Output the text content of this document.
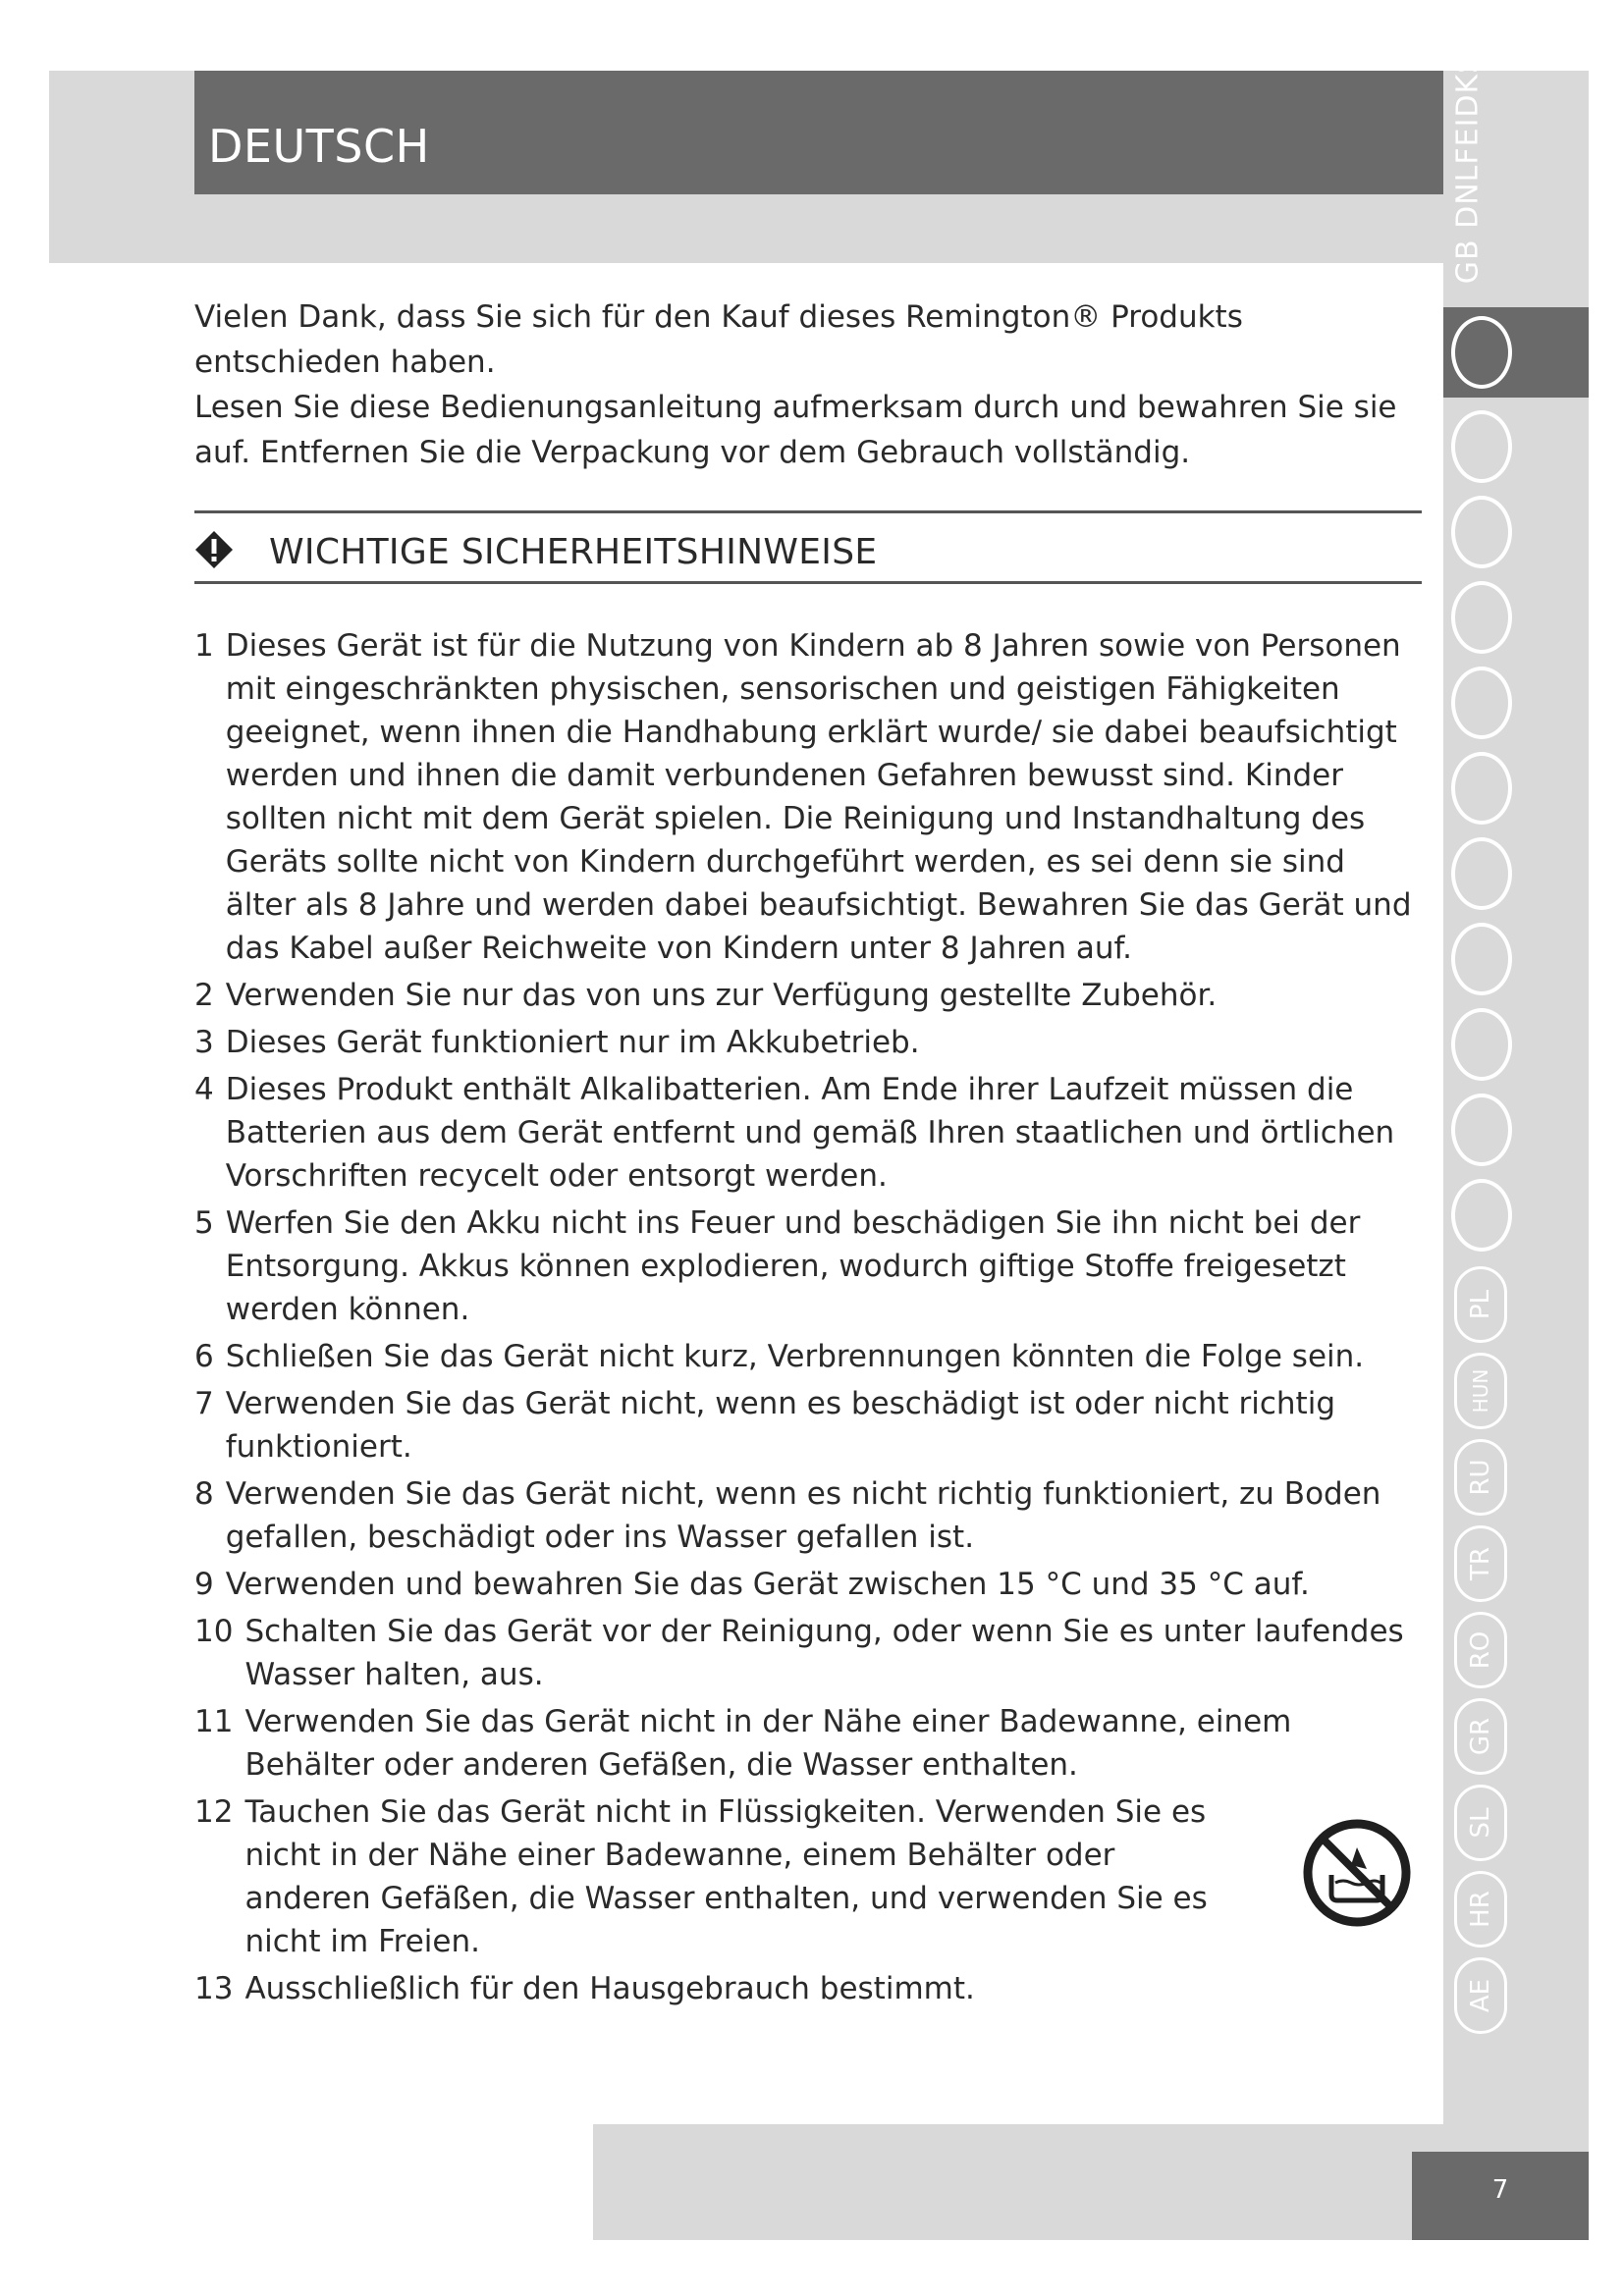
DEUTSCH	GB DNLFEIDKS
PL
HUN
RU
TR
RO
GR
SL
HR
AE

Vielen Dank, dass Sie sich für den Kauf dieses Remington® Produkts entschieden haben.

Lesen Sie diese Bedienungsanleitung aufmerksam durch und bewahren Sie sie auf. Entfernen Sie die Verpackung vor dem Gebrauch vollständig.

WICHTIGE SICHERHEITSHINWEISE
1 Dieses Gerät ist für die Nutzung von Kindern ab 8 Jahren sowie von Personen mit eingeschränkten physischen, sensorischen und geistigen Fähigkeiten geeignet, wenn ihnen die Handhabung erklärt wurde/ sie dabei beaufsichtigt werden und ihnen die damit verbundenen Gefahren bewusst sind. Kinder sollten nicht mit dem Gerät spielen. Die Reinigung und Instandhaltung des Geräts sollte nicht von Kindern durchgeführt werden, es sei denn sie sind älter als 8 Jahre und werden dabei beaufsichtigt. Bewahren Sie das Gerät und das Kabel außer Reichweite von Kindern unter 8 Jahren auf.
2 Verwenden Sie nur das von uns zur Verfügung gestellte Zubehör.
3 Dieses Gerät funktioniert nur im Akkubetrieb.
4 Dieses Produkt enthält Alkalibatterien. Am Ende ihrer Laufzeit müssen die Batterien aus dem Gerät entfernt und gemäß Ihren staatlichen und örtlichen Vorschriften recycelt oder entsorgt werden.
5 Werfen Sie den Akku nicht ins Feuer und beschädigen Sie ihn nicht bei der Entsorgung. Akkus können explodieren, wodurch giftige Stoffe freigesetzt werden können.
6 Schließen Sie das Gerät nicht kurz, Verbrennungen könnten die Folge sein.
7 Verwenden Sie das Gerät nicht, wenn es beschädigt ist oder nicht richtig funktioniert.
8 Verwenden Sie das Gerät nicht, wenn es nicht richtig funktioniert, zu Boden gefallen, beschädigt oder ins Wasser gefallen ist.
9 Verwenden und bewahren Sie das Gerät zwischen 15 °C und 35 °C auf.
10 Schalten Sie das Gerät vor der Reinigung, oder wenn Sie es unter laufendes Wasser halten, aus.
11 Verwenden Sie das Gerät nicht in der Nähe einer Badewanne, einem Behälter oder anderen Gefäßen, die Wasser enthalten.
12 Tauchen Sie das Gerät nicht in Flüssigkeiten. Verwenden Sie es nicht in der Nähe einer Badewanne, einem Behälter oder anderen Gefäßen, die Wasser enthalten, und verwenden Sie es nicht im Freien.
13 Ausschließlich für den Hausgebrauch bestimmt.
7
